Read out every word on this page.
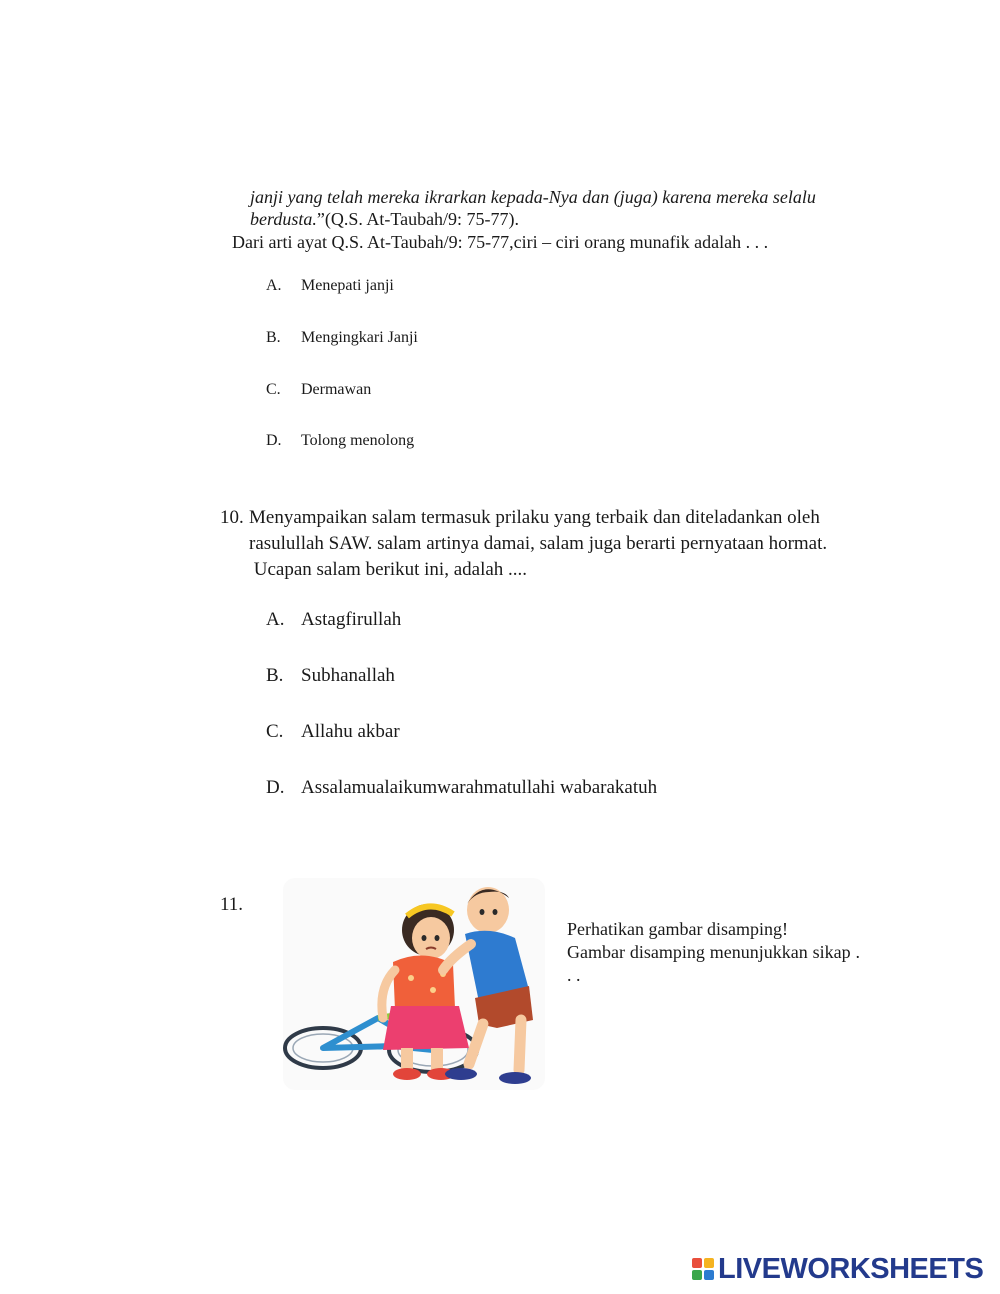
janji yang telah mereka ikrarkan kepada-Nya dan (juga) karena mereka selalu berdusta.”(Q.S. At-Taubah/9: 75-77).
Dari arti ayat Q.S. At-Taubah/9: 75-77,ciri – ciri orang munafik adalah . . .
A. Menepati janji
B. Mengingkari Janji
C. Dermawan
D. Tolong menolong
10. Menyampaikan salam termasuk prilaku yang terbaik dan diteladankan oleh
rasulullah SAW. salam artinya damai, salam juga berarti pernyataan hormat.
Ucapan salam berikut ini, adalah ....
A. Astagfirullah
B. Subhanallah
C. Allahu akbar
D. Assalamualaikumwarahmatullahi wabarakatuh
11.
Perhatikan gambar disamping!
Gambar disamping menunjukkan sikap . . .
LIVEWORKSHEETS
